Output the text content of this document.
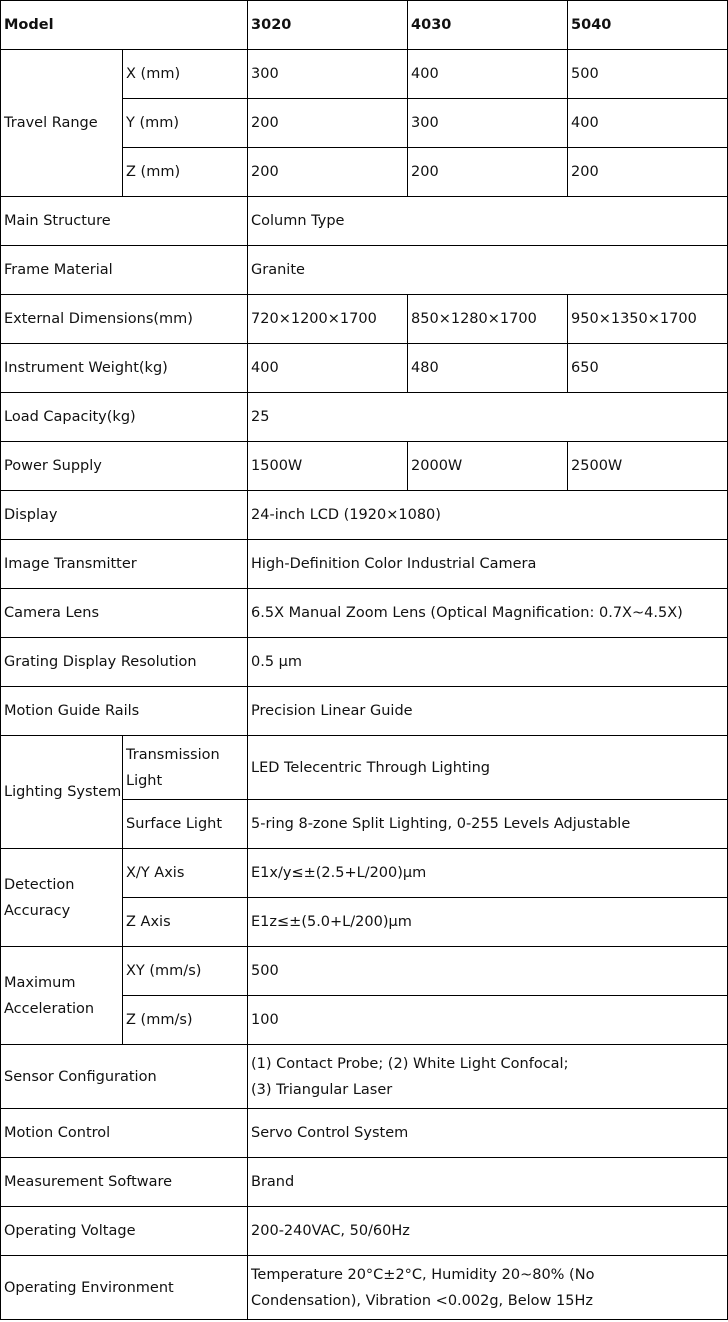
Model		3020	4030	5040
Travel Range	X (mm)	300	400	500
	Y (mm)	200	300	400
	Z (mm)	200	200	200
Main Structure		Column Type		
Frame Material		Granite		
External Dimensions(mm)		720×1200×1700	850×1280×1700	950×1350×1700
Instrument Weight(kg)		400	480	650
Load Capacity(kg)		25		
Power Supply		1500W	2000W	2500W
Display		24-inch LCD (1920×1080)		
Image Transmitter		High-Definition Color Industrial Camera		
Camera Lens		6.5X Manual Zoom Lens (Optical Magnification: 0.7X~4.5X)		
Grating Display Resolution		0.5 μm		
Motion Guide Rails		Precision Linear Guide		
Lighting System	Transmission Light	LED Telecentric Through Lighting		
	Surface Light	5-ring 8-zone Split Lighting, 0-255 Levels Adjustable		
Detection Accuracy	X/Y Axis	E1x/y≤±(2.5+L/200)μm		
	Z Axis	E1z≤±(5.0+L/200)μm		
Maximum Acceleration	XY (mm/s)	500		
	Z (mm/s)	100		
Sensor Configuration		(1) Contact Probe; (2) White Light Confocal;
(3) Triangular Laser		
Motion Control		Servo Control System		
Measurement Software		Brand		
Operating Voltage		200-240VAC, 50/60Hz		
Operating Environment		Temperature 20°C±2°C, Humidity 20~80% (No
Condensation), Vibration <0.002g, Below 15Hz		
